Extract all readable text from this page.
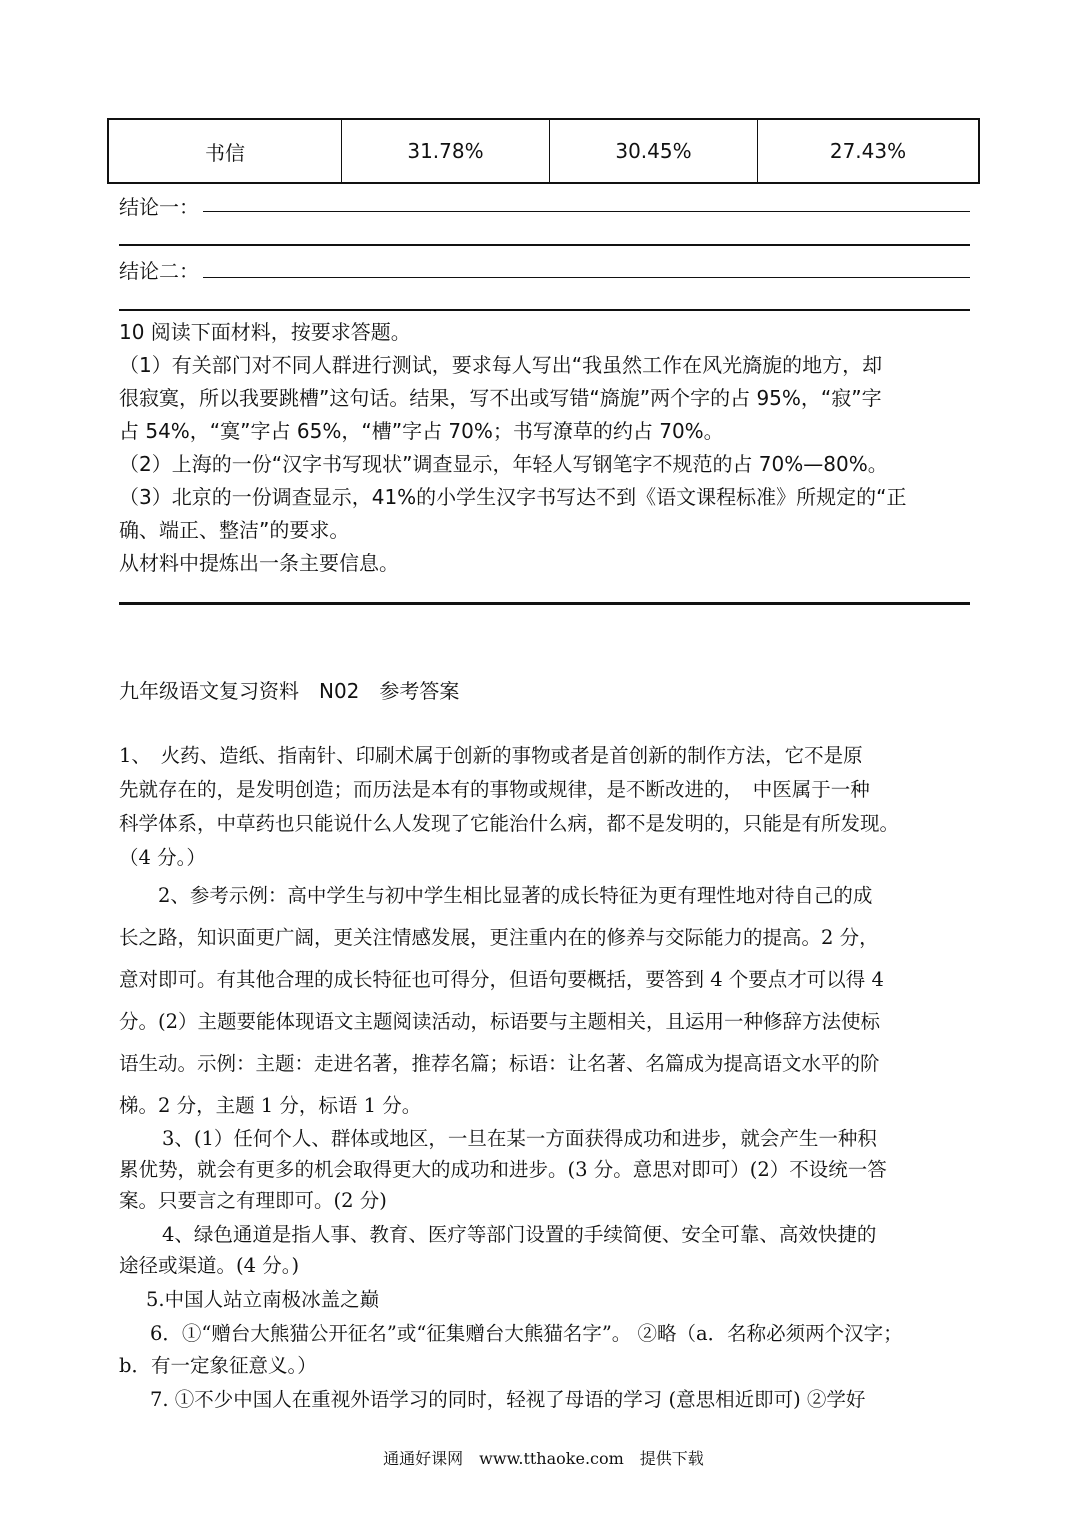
书信	31.78%	30.45%	27.43%
结论一：
结论二：
10 阅读下面材料，按要求答题。
（1）有关部门对不同人群进行测试，要求每人写出“我虽然工作在风光旖旎的地方，却
很寂寞，所以我要跳槽”这句话。结果，写不出或写错“旖旎”两个字的占 95%，“寂”字
占 54%，“寞”字占 65%，“槽”字占 70%；书写潦草的约占 70%。
（2）上海的一份“汉字书写现状”调查显示，年轻人写钢笔字不规范的占 70%—80%。
（3）北京的一份调查显示，41%的小学生汉字书写达不到《语文课程标准》所规定的“正
确、端正、整洁”的要求。
从材料中提炼出一条主要信息。
九年级语文复习资料　N02　参考答案
1、　火药、造纸、指南针、印刷术属于创新的事物或者是首创新的制作方法，它不是原
先就存在的，是发明创造；而历法是本有的事物或规律，是不断改进的，　中医属于一种
科学体系，中草药也只能说什么人发现了它能治什么病，都不是发明的，只能是有所发现。
（4 分。）
2、参考示例：高中学生与初中学生相比显著的成长特征为更有理性地对待自己的成
长之路，知识面更广阔，更关注情感发展，更注重内在的修养与交际能力的提高。2 分，
意对即可。有其他合理的成长特征也可得分，但语句要概括，要答到 4 个要点才可以得 4
分。(2）主题要能体现语文主题阅读活动，标语要与主题相关，且运用一种修辞方法使标
语生动。示例：主题：走进名著，推荐名篇；标语：让名著、名篇成为提高语文水平的阶
梯。2 分，主题 1 分，标语 1 分。
3、(1）任何个人、群体或地区，一旦在某一方面获得成功和进步，就会产生一种积
累优势，就会有更多的机会取得更大的成功和进步。(3 分。意思对即可）(2）不设统一答
案。只要言之有理即可。(2 分)
4、绿色通道是指人事、教育、医疗等部门设置的手续简便、安全可靠、高效快捷的
途径或渠道。(4 分。)
5.中国人站立南极冰盖之巅
6．①“赠台大熊猫公开征名”或“征集赠台大熊猫名字”。 ②略（a．名称必须两个汉字；
b．有一定象征意义。）
7. ①不少中国人在重视外语学习的同时，轻视了母语的学习 (意思相近即可) ②学好
通通好课网　www.tthaoke.com　提供下载
